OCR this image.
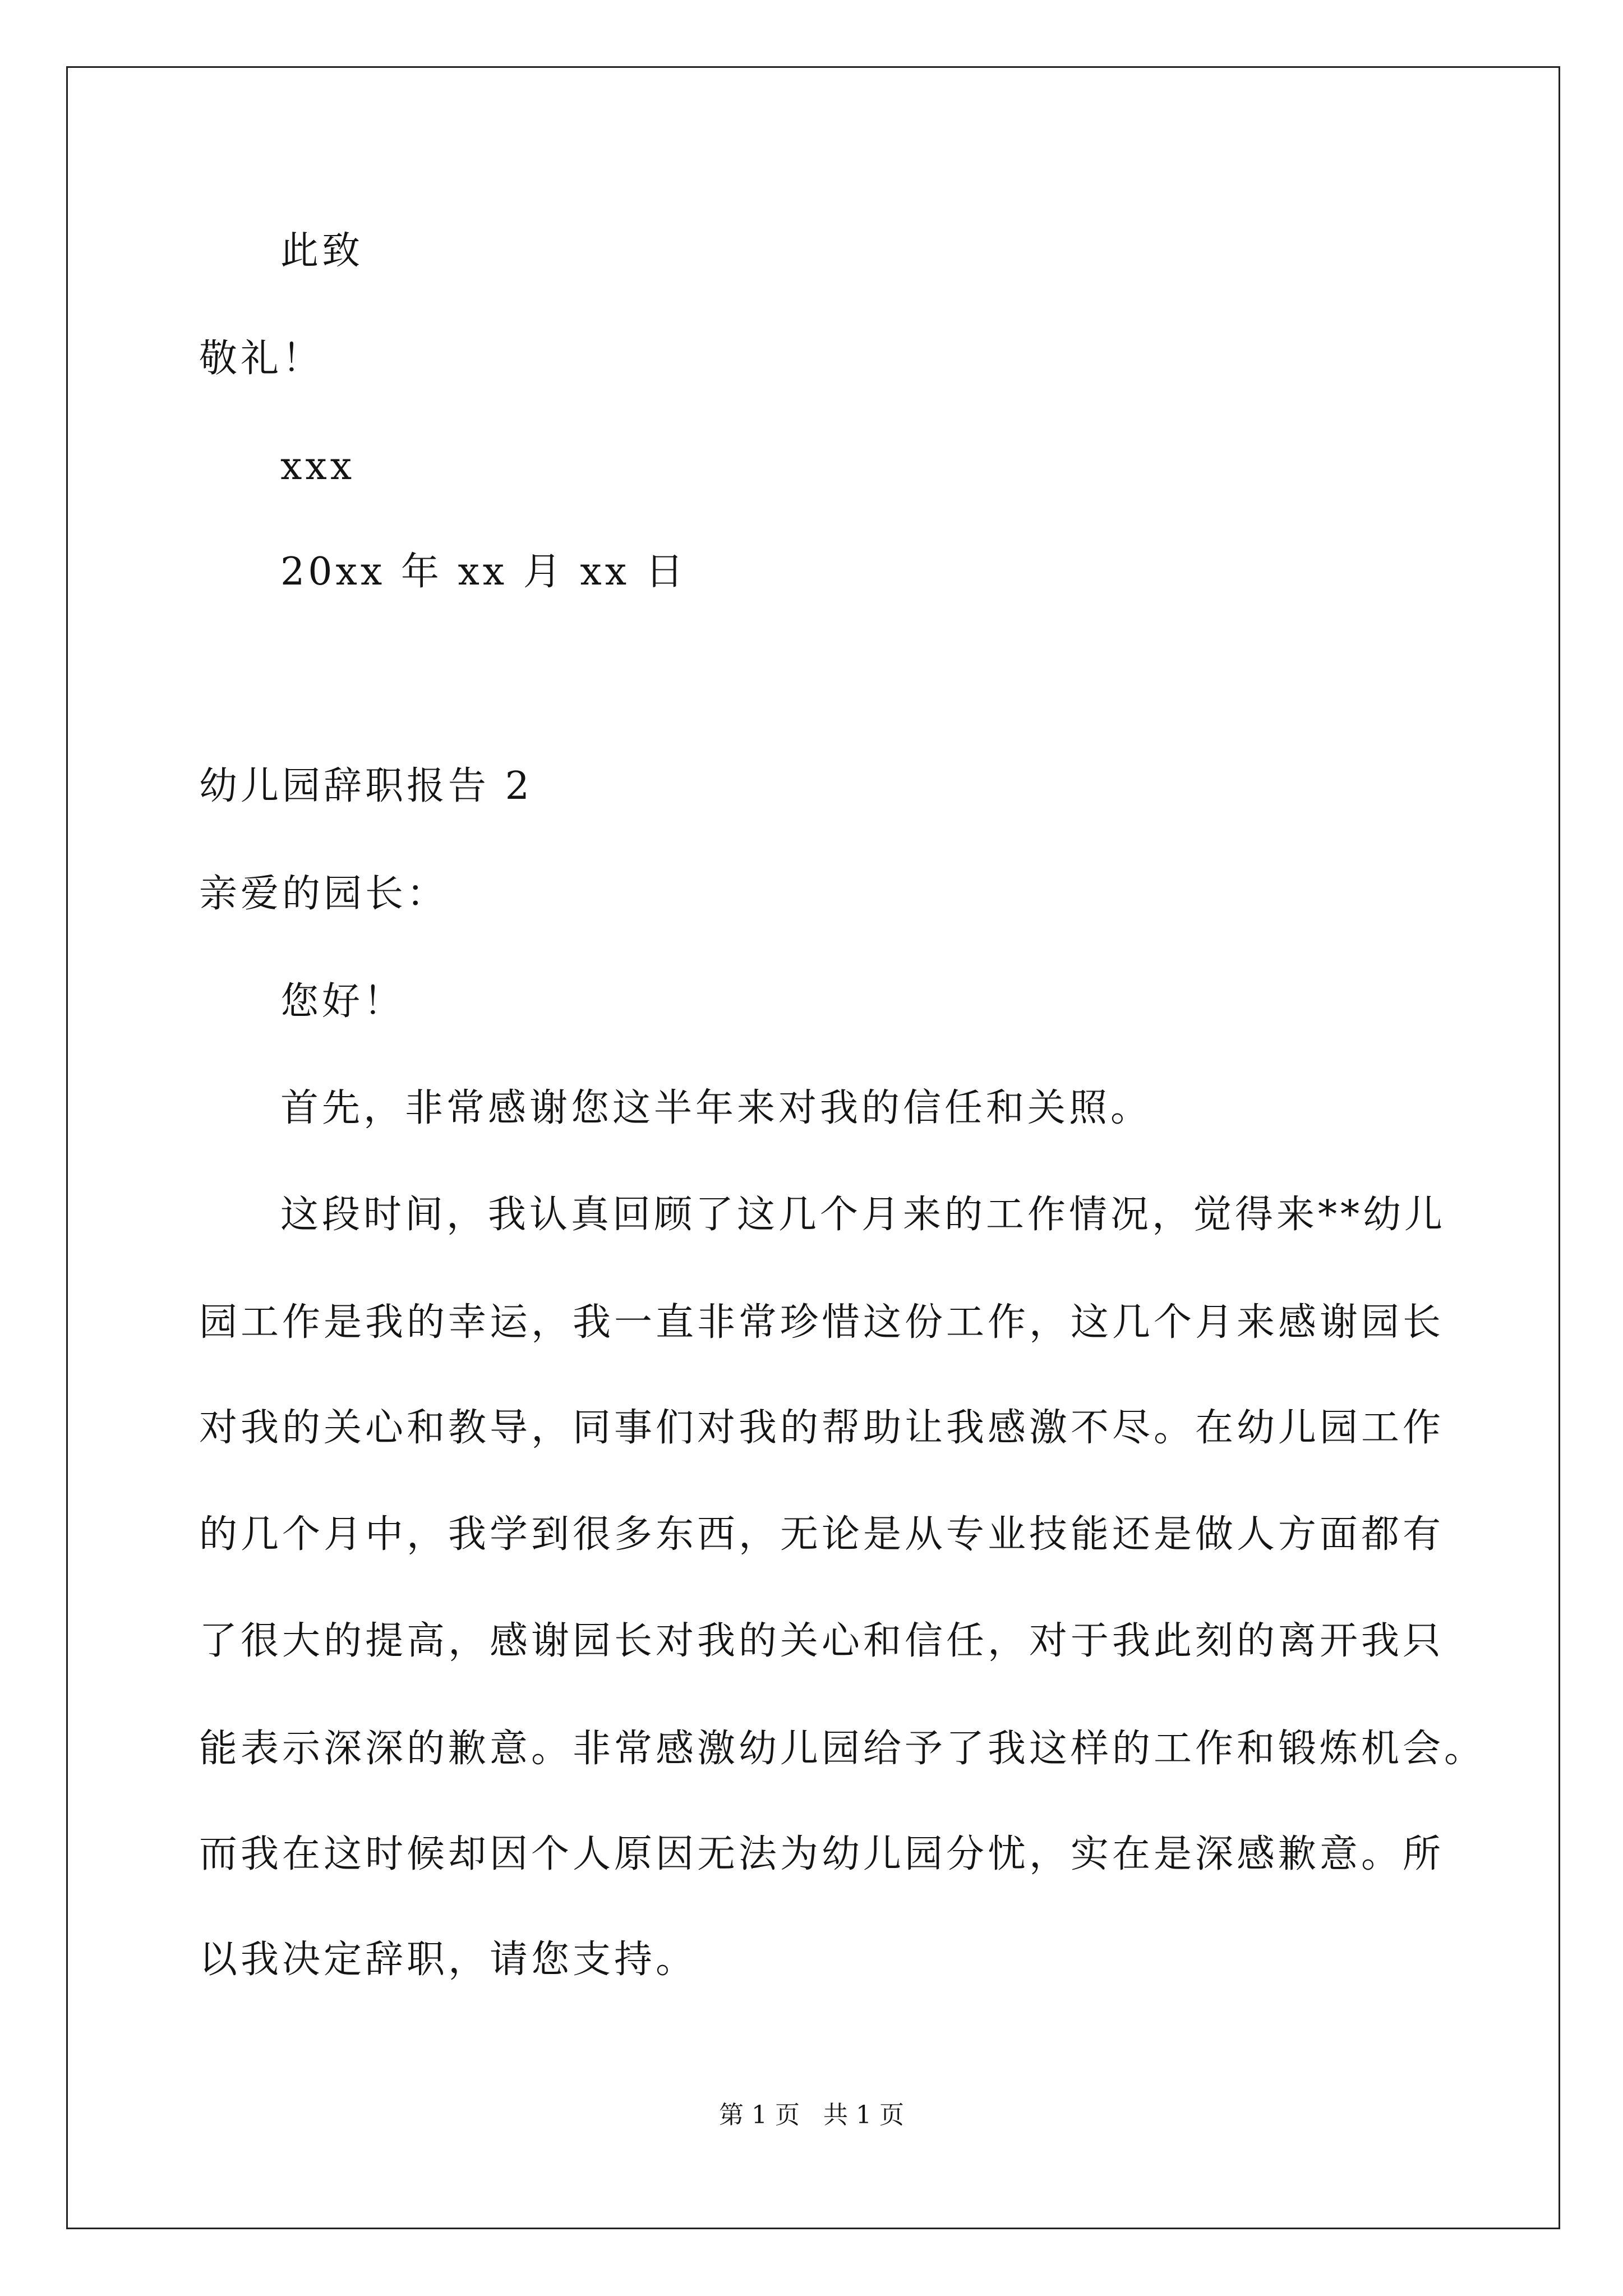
此致
敬礼！
xxx
20xx 年 xx 月 xx 日
幼儿园辞职报告 2
亲爱的园长：
您好！
首先，非常感谢您这半年来对我的信任和关照。
这段时间，我认真回顾了这几个月来的工作情况，觉得来**幼儿
园工作是我的幸运，我一直非常珍惜这份工作，这几个月来感谢园长
对我的关心和教导，同事们对我的帮助让我感激不尽。在幼儿园工作
的几个月中，我学到很多东西，无论是从专业技能还是做人方面都有
了很大的提高，感谢园长对我的关心和信任，对于我此刻的离开我只
能表示深深的歉意。非常感激幼儿园给予了我这样的工作和锻炼机会。
而我在这时候却因个人原因无法为幼儿园分忧，实在是深感歉意。所
以我决定辞职，请您支持。
第 1 页   共 1 页
